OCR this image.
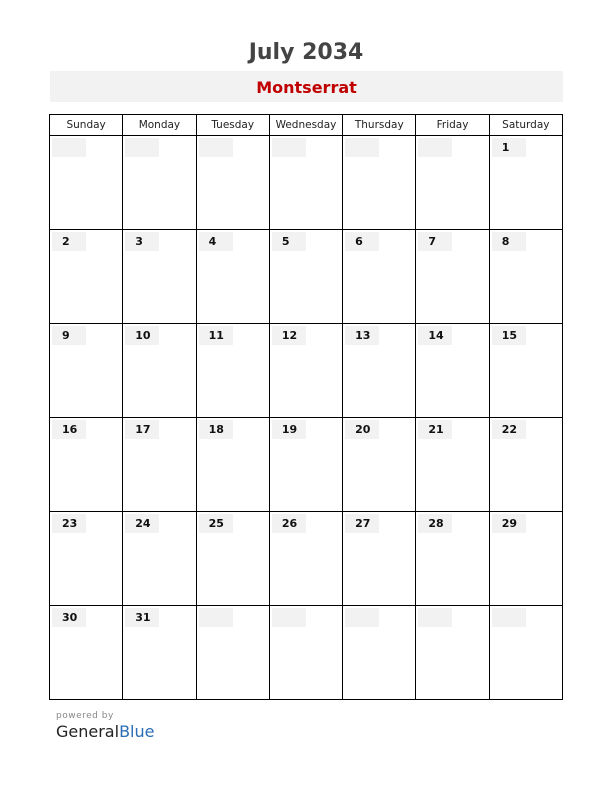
July 2034
Montserrat
Sunday	Monday	Tuesday	Wednesday	Thursday	Friday	Saturday

						1

2	3	4	5	6	7	8

9	10	11	12	13	14	15

16	17	18	19	20	21	22

23	24	25	26	27	28	29

30	31					

powered by
GeneralBlue
